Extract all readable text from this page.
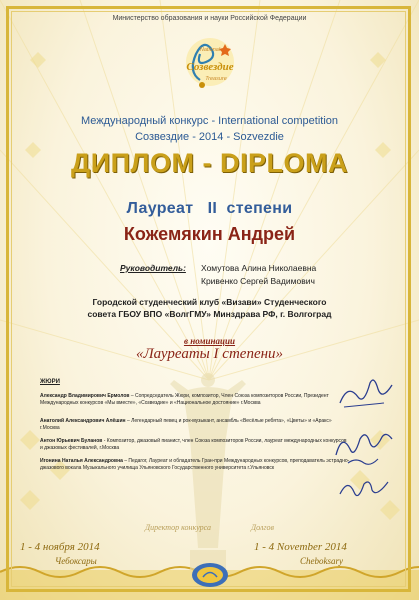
Министерство образования и науки Российской Федерации
National
Созвездие
Treasure
Международный конкурс - International competition
Созвездие - 2014 - Sozvezdie
ДИПЛОМ - DIPLOMA
Лауреат   II  степени
Кожемякин Андрей
Руководитель: Хомутова Алина Николаевна
Кривенко Сергей Вадимович
Городской студенческий клуб «Визави» Студенческого
совета ГБОУ ВПО «ВолгГМУ» Минздрава РФ, г. Волгоград
в номинации
«Лауреаты I степени»
ЖЮРИ
Александр Владимирович Ермолов – Сопредседатель Жюри, композитор, Член Союза композиторов России, Президент Международных конкурсов «Мы вместе», «Созвездие» и «Национальное достояние» г.Москва
Анатолий Александрович Алёшин – Легендарный певец и рок-музыкант, ансамбль «Весёлые ребята», «Цветы» и «Аракс» г.Москва
Антон Юрьевич Буланов - Композитор, джазовый пианист, член Союза композиторов России, лауреат международных конкурсов и джазовых фестивалей, г.Москва
Игонина Наталья Александровна – Педагог, Лауреат и обладатель Гран-при Международных конкурсов, преподаватель эстрадно-джазового вокала Музыкального училища Ульяновского Государственного университета г.Ульяновск
Директор конкурса                    Долгов
1 - 4 ноября 2014	1 - 4 November 2014
Чебоксары	Cheboksary
